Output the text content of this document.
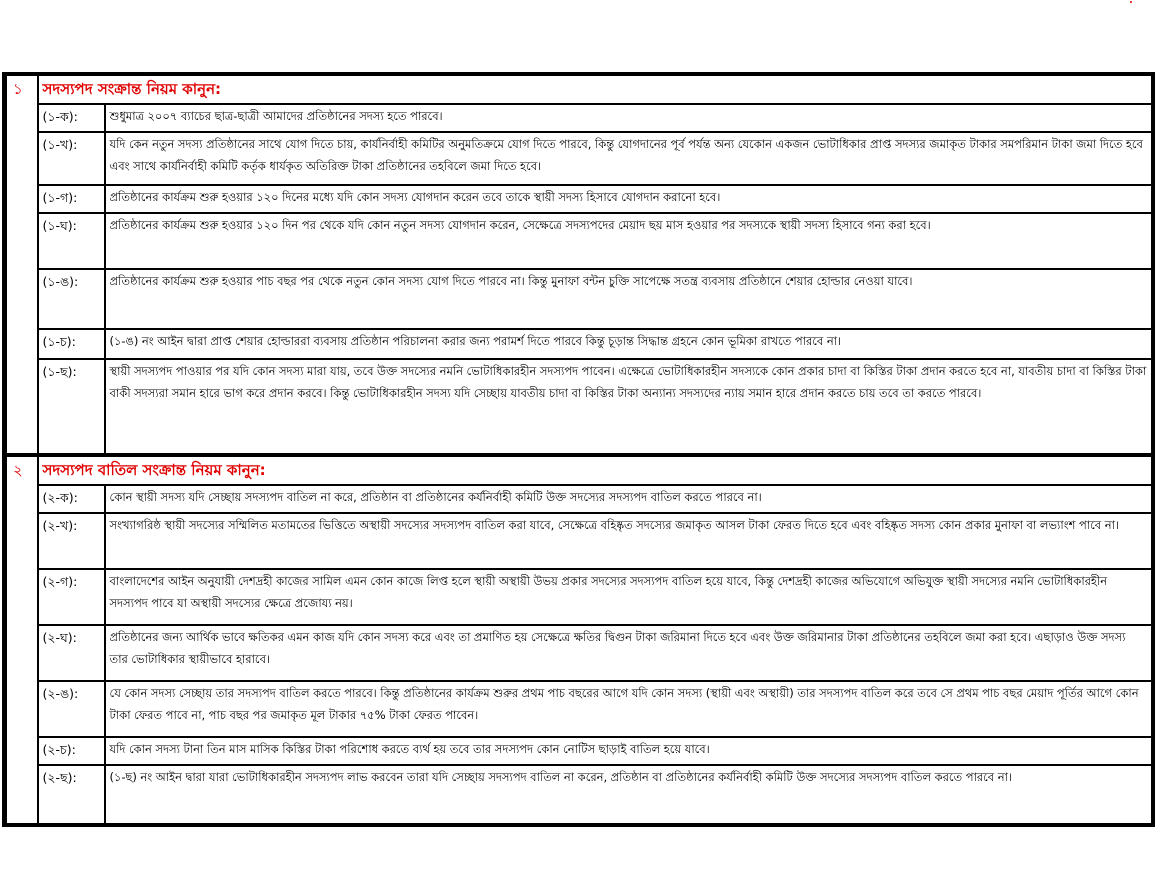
১	সদস্যপদ সংক্রান্ত নিয়ম কানুন:	

	(১-ক):	শুধুমাত্র ২০০৭ ব্যাচের ছাত্র-ছাত্রী আমাদের প্রতিষ্ঠানের সদস্য হতে পারবে।

	(১-খ):	যদি কেন নতুন সদস্য প্রতিষ্ঠানের সাথে যোগ দিতে চায়, কার্যনির্বাহী কমিটির অনুমতিক্রমে যোগ দিতে পারবে, কিন্তু যোগদানের পূর্ব পর্যন্ত অন্য যেকোন একজন ভোটাধিকার প্রাপ্ত সদস্যর জমাকৃত টাকার সমপরিমান টাকা জমা দিতে হবে এবং সাথে কার্যনির্বাহী কমিটি কর্তৃক ধার্যকৃত অতিরিক্ত টাকা প্রতিষ্ঠানের তহবিলে জমা দিতে হবে।

	(১-গ):	প্রতিষ্ঠানের কার্যক্রম শুরু হওয়ার ১২০ দিনের মধ্যে যদি কোন সদস্য যোগদান করেন তবে তাকে স্থায়ী সদস্য হিসাবে যোগদান করানো হবে।

	(১-ঘ):	প্রতিষ্ঠানের কার্যক্রম শুরু হওয়ার ১২০ দিন পর থেকে যদি কোন নতুন সদস্য যোগদান করেন, সেক্ষেত্রে সদস্যপদের মেয়াদ ছয় মাস হওয়ার পর সদস্যকে স্থায়ী সদস্য হিসাবে গন্য করা হবে।

	(১-ঙ):	প্রতিষ্ঠানের কার্যক্রম শুরু হওয়ার পাচ বছর পর থেকে নতুন কোন সদস্য যোগ দিতে পারবে না। কিন্তু মুনাফা বন্টন চুক্তি সাপেক্ষে সতন্ত্র ব্যবসায় প্রতিষ্ঠানে শেয়ার হোল্ডার নেওয়া যাবে।

	(১-চ):	(১-ঙ) নং আইন দ্বারা প্রাপ্ত শেয়ার হোল্ডাররা ব্যবসায় প্রতিষ্ঠান পরিচালনা করার জন্য পরামর্শ দিতে পারবে কিন্তু চূড়ান্ত সিদ্ধান্ত গ্রহনে কোন ভূমিকা রাখতে পারবে না।

	(১-ছ):	স্থায়ী সদস্যপদ পাওয়ার পর যদি কোন সদস্য মারা যায়, তবে উক্ত সদস্যের নমনি ভোটাধিকারহীন সদস্যপদ পাবেন। এক্ষেত্রে ভোটাধিকারহীন সদস্যকে কোন প্রকার চাদা বা কিস্তির টাকা প্রদান করতে হবে না, যাবতীয় চাদা বা কিস্তির টাকা বাকী সদস্যরা সমান হারে ভাগ করে প্রদান করবে। কিন্তু ভোটাধিকারহীন সদস্য যদি সেচ্ছায় যাবতীয় চাদা বা কিস্তির টাকা অন্যান্য সদস্যদের ন্যায় সমান হারে প্রদান করতে চায় তবে তা করতে পারবে।

২	সদস্যপদ বাতিল সংক্রান্ত নিয়ম কানুন:	

	(২-ক):	কোন স্থায়ী সদস্য যদি সেচ্ছায় সদস্যপদ বাতিল না করে, প্রতিষ্ঠান বা প্রতিষ্ঠানের কর্যনির্বাহী কমিটি উক্ত সদস্যের সদস্যপদ বাতিল করতে পারবে না।

	(২-খ):	সংখ্যাগরিষ্ঠ স্থায়ী সদস্যের সম্মিলিত মতামতের ভিত্তিতে অস্থায়ী সদস্যের সদস্যপদ বাতিল করা যাবে, সেক্ষেত্রে বহিষ্কৃত সদস্যের জমাকৃত আসল টাকা ফেরত দিতে হবে এবং বহিষ্কৃত সদস্য কোন প্রকার মুনাফা বা লভ্যাংশ পাবে না।

	(২-গ):	বাংলাদেশের আইন অনুযায়ী দেশদ্রহী কাজের সামিল এমন কোন কাজে লিপ্ত হলে স্থায়ী অস্থায়ী উভয় প্রকার সদস্যের সদস্যপদ বাতিল হয়ে যাবে, কিন্তু দেশদ্রহী কাজের অভিযোগে অভিযুক্ত স্থায়ী সদস্যের নমনি ভোটাধিকারহীন সদস্যপদ পাবে যা অস্থায়ী সদস্যের ক্ষেত্রে প্রজোয্য নয়।

	(২-ঘ):	প্রতিষ্ঠানের জন্য আর্থিক ভাবে ক্ষতিকর এমন কাজ যদি কোন সদস্য করে এবং তা প্রমাণিত হয় সেক্ষেত্রে ক্ষতির দ্বিগুন টাকা জরিমানা দিতে হবে এবং উক্ত জরিমানার টাকা প্রতিষ্ঠানের তহবিলে জমা করা হবে। এছাড়াও উক্ত সদস্য তার ভোটাধিকার স্থায়ীভাবে হারাবে।

	(২-ঙ):	যে কোন সদস্য সেচ্ছায় তার সদস্যপদ বাতিল করতে পারবে। কিন্তু প্রতিষ্ঠানের কার্যক্রম শুরুর প্রথম পাচ বছরের আগে যদি কোন সদস্য (স্থায়ী এবং অস্থায়ী) তার সদস্যপদ বাতিল করে তবে সে প্রথম পাচ বছর মেয়াদ পূর্তির আগে কোন টাকা ফেরত পাবে না, পাচ বছর পর জমাকৃত মূল টাকার ৭৫% টাকা ফেরত পাবেন।

	(২-চ):	যদি কোন সদস্য টানা তিন মাস মাসিক কিস্তির টাকা পরিশোধ করতে ব্যর্থ হয় তবে তার সদস্যপদ কোন নোটিস ছাড়াই বাতিল হয়ে যাবে।

	(২-ছ):	(১-ছ) নং আইন দ্বারা যারা ভোটাধিকারহীন সদস্যপদ লাভ করবেন তারা যদি সেচ্ছায় সদস্যপদ বাতিল না করেন, প্রতিষ্ঠান বা প্রতিষ্ঠানের কর্যনির্বাহী কমিটি উক্ত সদস্যের সদস্যপদ বাতিল করতে পারবে না।
